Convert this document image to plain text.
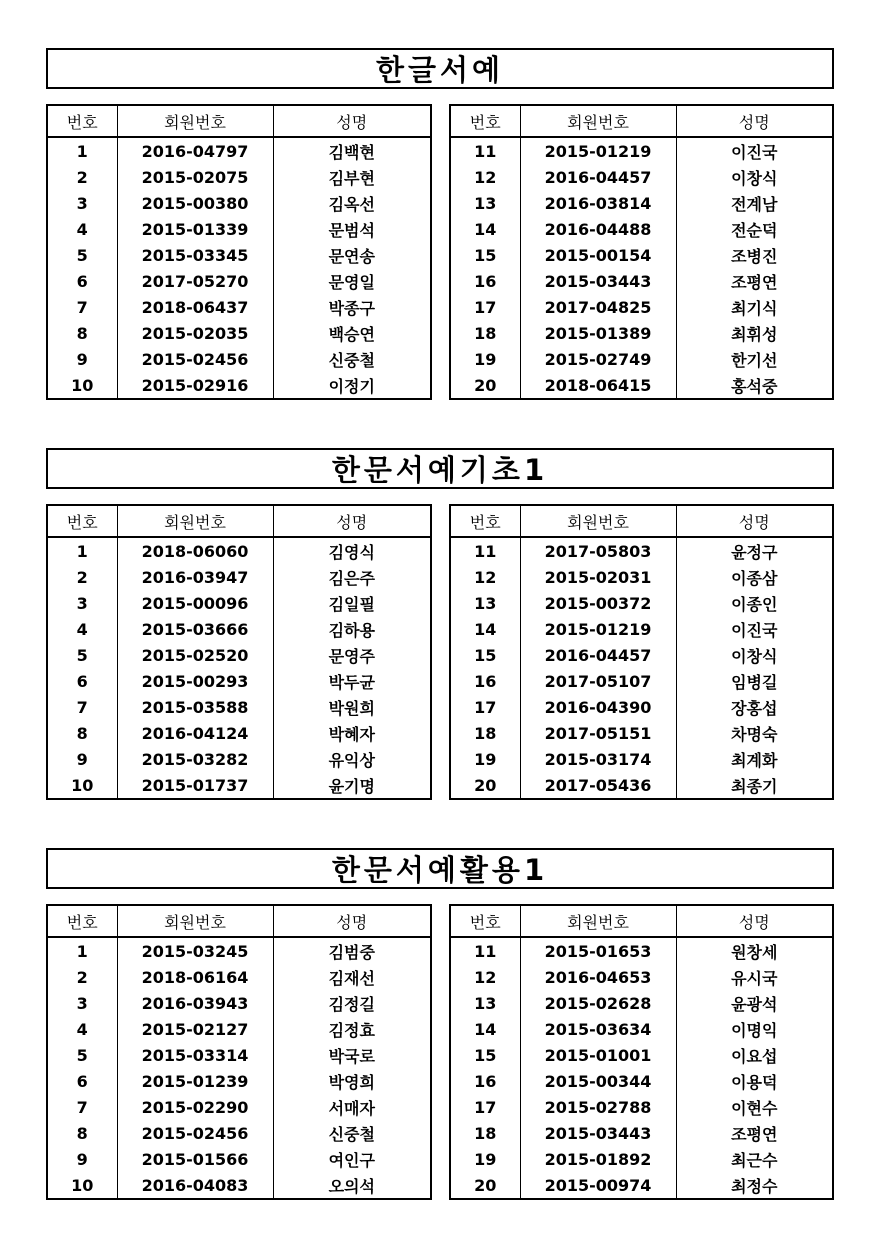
한글서예
번호	회원번호	성명
1	2016-04797	김백현
2	2015-02075	김부현
3	2015-00380	김옥선
4	2015-01339	문범석
5	2015-03345	문연송
6	2017-05270	문영일
7	2018-06437	박종구
8	2015-02035	백승연
9	2015-02456	신중철
10	2015-02916	이정기
번호	회원번호	성명
11	2015-01219	이진국
12	2016-04457	이창식
13	2016-03814	전계남
14	2016-04488	전순덕
15	2015-00154	조병진
16	2015-03443	조평연
17	2017-04825	최기식
18	2015-01389	최휘성
19	2015-02749	한기선
20	2018-06415	홍석중
한문서예기초1
번호	회원번호	성명
1	2018-06060	김영식
2	2016-03947	김은주
3	2015-00096	김일필
4	2015-03666	김하용
5	2015-02520	문영주
6	2015-00293	박두균
7	2015-03588	박원희
8	2016-04124	박혜자
9	2015-03282	유익상
10	2015-01737	윤기명
번호	회원번호	성명
11	2017-05803	윤정구
12	2015-02031	이종삼
13	2015-00372	이종인
14	2015-01219	이진국
15	2016-04457	이창식
16	2017-05107	임병길
17	2016-04390	장홍섭
18	2017-05151	차명숙
19	2015-03174	최계화
20	2017-05436	최종기
한문서예활용1
번호	회원번호	성명
1	2015-03245	김범중
2	2018-06164	김재선
3	2016-03943	김정길
4	2015-02127	김정효
5	2015-03314	박국로
6	2015-01239	박영희
7	2015-02290	서매자
8	2015-02456	신중철
9	2015-01566	여인구
10	2016-04083	오의석
번호	회원번호	성명
11	2015-01653	원창세
12	2016-04653	유시국
13	2015-02628	윤광석
14	2015-03634	이명익
15	2015-01001	이요섭
16	2015-00344	이용덕
17	2015-02788	이현수
18	2015-03443	조평연
19	2015-01892	최근수
20	2015-00974	최정수
